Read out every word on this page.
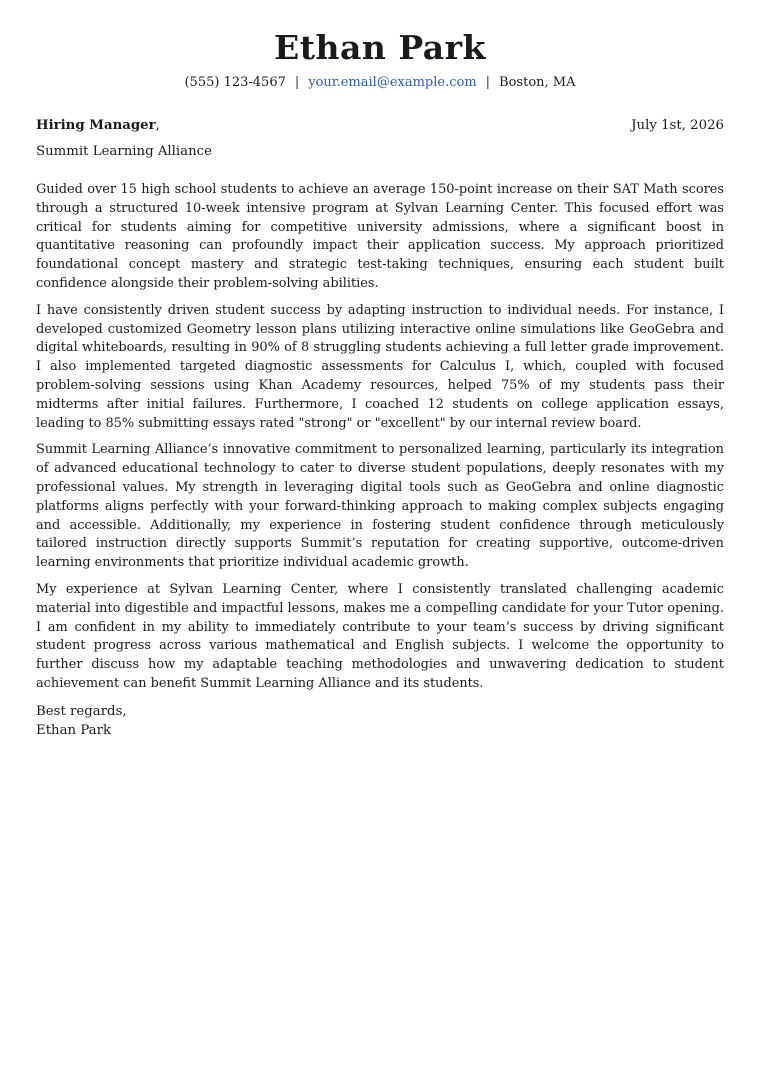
Ethan Park
(555) 123-4567 | your.email@example.com | Boston, MA
Hiring Manager,	July 1st, 2026
Summit Learning Alliance

Guided over 15 high school students to achieve an average 150-point increase on their SAT Math scores through a structured 10-week intensive program at Sylvan Learning Center. This focused effort was critical for students aiming for competitive university admissions, where a significant boost in quantitative reasoning can profoundly impact their application success. My approach prioritized foundational concept mastery and strategic test-taking techniques, ensuring each student built confidence alongside their problem-solving abilities.

I have consistently driven student success by adapting instruction to individual needs. For instance, I developed customized Geometry lesson plans utilizing interactive online simulations like GeoGebra and digital whiteboards, resulting in 90% of 8 struggling students achieving a full letter grade improvement. I also implemented targeted diagnostic assessments for Calculus I, which, coupled with focused problem-solving sessions using Khan Academy resources, helped 75% of my students pass their midterms after initial failures. Furthermore, I coached 12 students on college application essays, leading to 85% submitting essays rated "strong" or "excellent" by our internal review board.

Summit Learning Alliance’s innovative commitment to personalized learning, particularly its integration of advanced educational technology to cater to diverse student populations, deeply resonates with my professional values. My strength in leveraging digital tools such as GeoGebra and online diagnostic platforms aligns perfectly with your forward-thinking approach to making complex subjects engaging and accessible. Additionally, my experience in fostering student confidence through meticulously tailored instruction directly supports Summit’s reputation for creating supportive, outcome-driven learning environments that prioritize individual academic growth.

My experience at Sylvan Learning Center, where I consistently translated challenging academic material into digestible and impactful lessons, makes me a compelling candidate for your Tutor opening. I am confident in my ability to immediately contribute to your team’s success by driving significant student progress across various mathematical and English subjects. I welcome the opportunity to further discuss how my adaptable teaching methodologies and unwavering dedication to student achievement can benefit Summit Learning Alliance and its students.

Best regards,
Ethan Park
